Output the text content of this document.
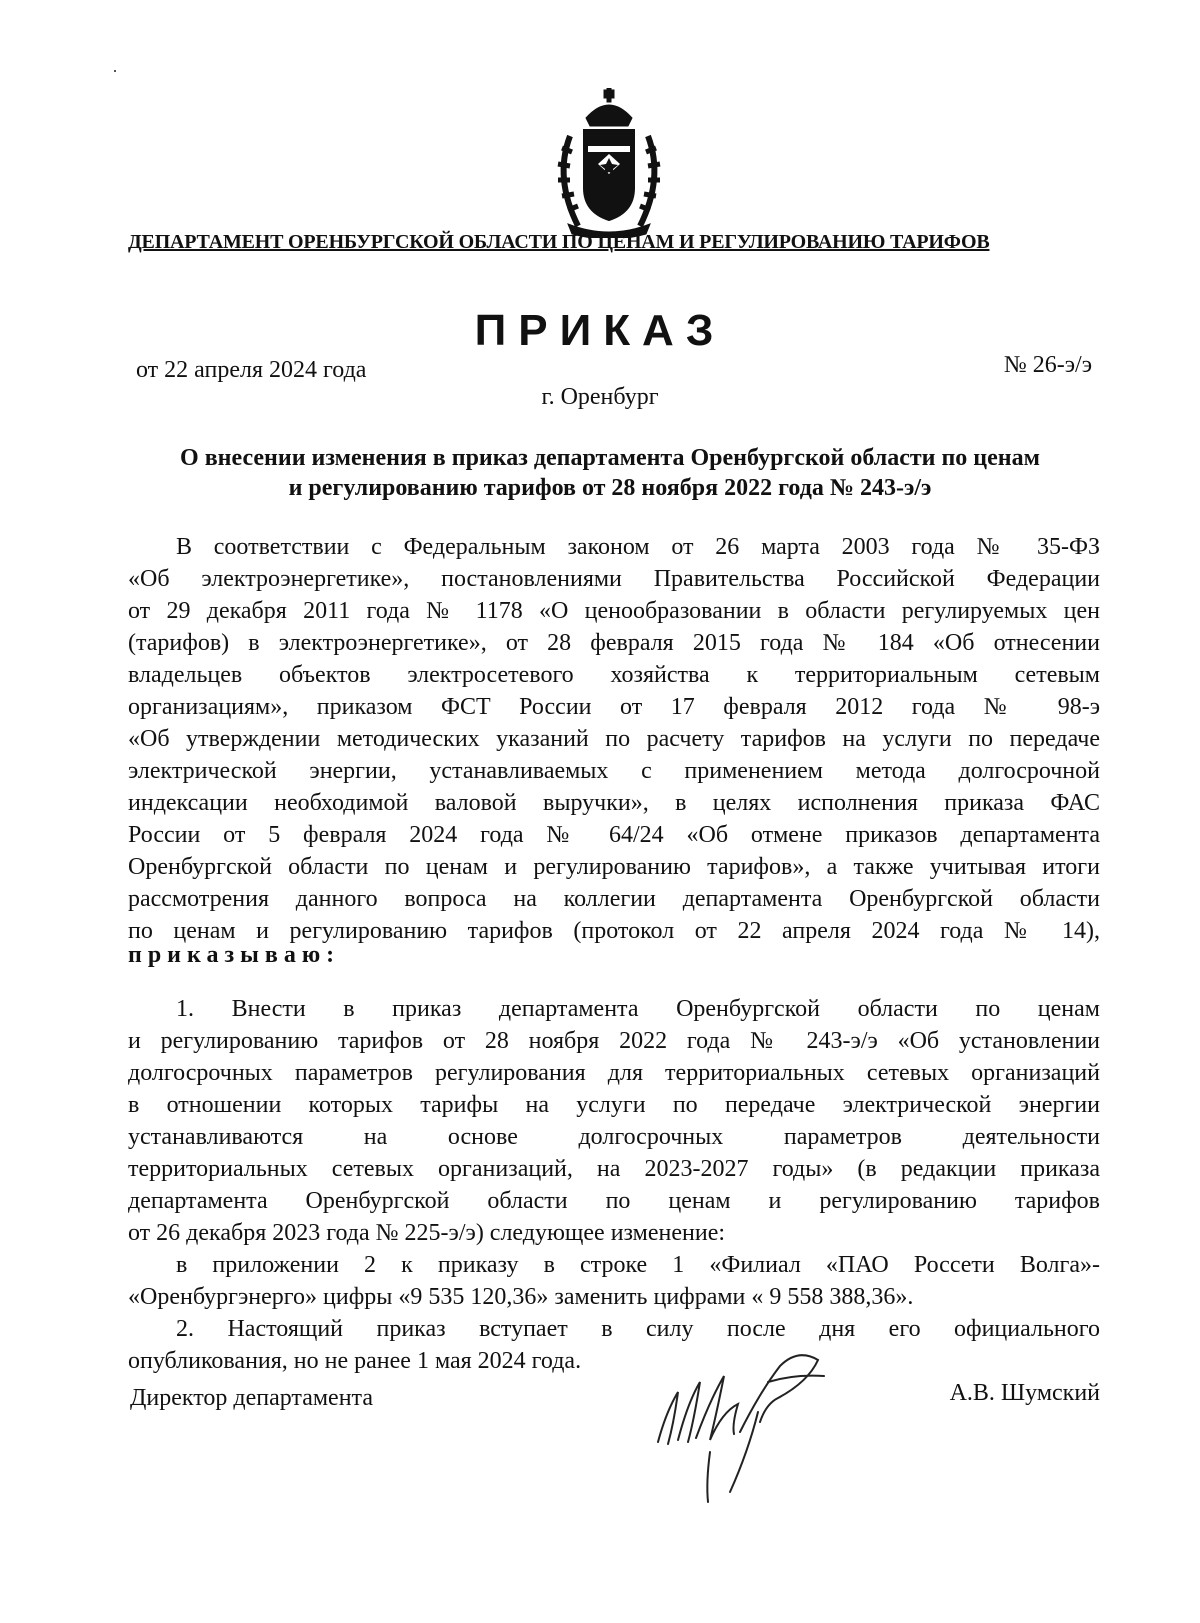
ДЕПАРТАМЕНТ ОРЕНБУРГСКОЙ ОБЛАСТИ ПО ЦЕНАМ И РЕГУЛИРОВАНИЮ ТАРИФОВ
ПРИКАЗ
от 22 апреля 2024 года	№ 26-э/э
г. Оренбург
О внесении изменения в приказ департамента Оренбургской области по ценам
и регулированию тарифов от 28 ноября 2022 года № 243-э/э
В соответствии с Федеральным законом от 26 марта 2003 года № 35-ФЗ
«Об электроэнергетике», постановлениями Правительства Российской Федерации
от 29 декабря 2011 года № 1178 «О ценообразовании в области регулируемых цен
(тарифов) в электроэнергетике», от 28 февраля 2015 года № 184 «Об отнесении
владельцев объектов электросетевого хозяйства к территориальным сетевым
организациям», приказом ФСТ России от 17 февраля 2012 года № 98-э
«Об утверждении методических указаний по расчету тарифов на услуги по передаче
электрической энергии, устанавливаемых с применением метода долгосрочной
индексации необходимой валовой выручки», в целях исполнения приказа ФАС
России от 5 февраля 2024 года № 64/24 «Об отмене приказов департамента
Оренбургской области по ценам и регулированию тарифов», а также учитывая итоги
рассмотрения данного вопроса на коллегии департамента Оренбургской области
по ценам и регулированию тарифов (протокол от 22 апреля 2024 года № 14),
приказываю:
1. Внести в приказ департамента Оренбургской области по ценам
и регулированию тарифов от 28 ноября 2022 года № 243-э/э «Об установлении
долгосрочных параметров регулирования для территориальных сетевых организаций
в отношении которых тарифы на услуги по передаче электрической энергии
устанавливаются на основе долгосрочных параметров деятельности
территориальных сетевых организаций, на 2023-2027 годы» (в редакции приказа
департамента Оренбургской области по ценам и регулированию тарифов
от 26 декабря 2023 года № 225-э/э) следующее изменение:
в приложении 2 к приказу в строке 1 «Филиал «ПАО Россети Волга»-
«Оренбургэнерго» цифры «9 535 120,36» заменить цифрами « 9 558 388,36».
2. Настоящий приказ вступает в силу после дня его официального
опубликования, но не ранее 1 мая 2024 года.
Директор департамента	А.В. Шумский
